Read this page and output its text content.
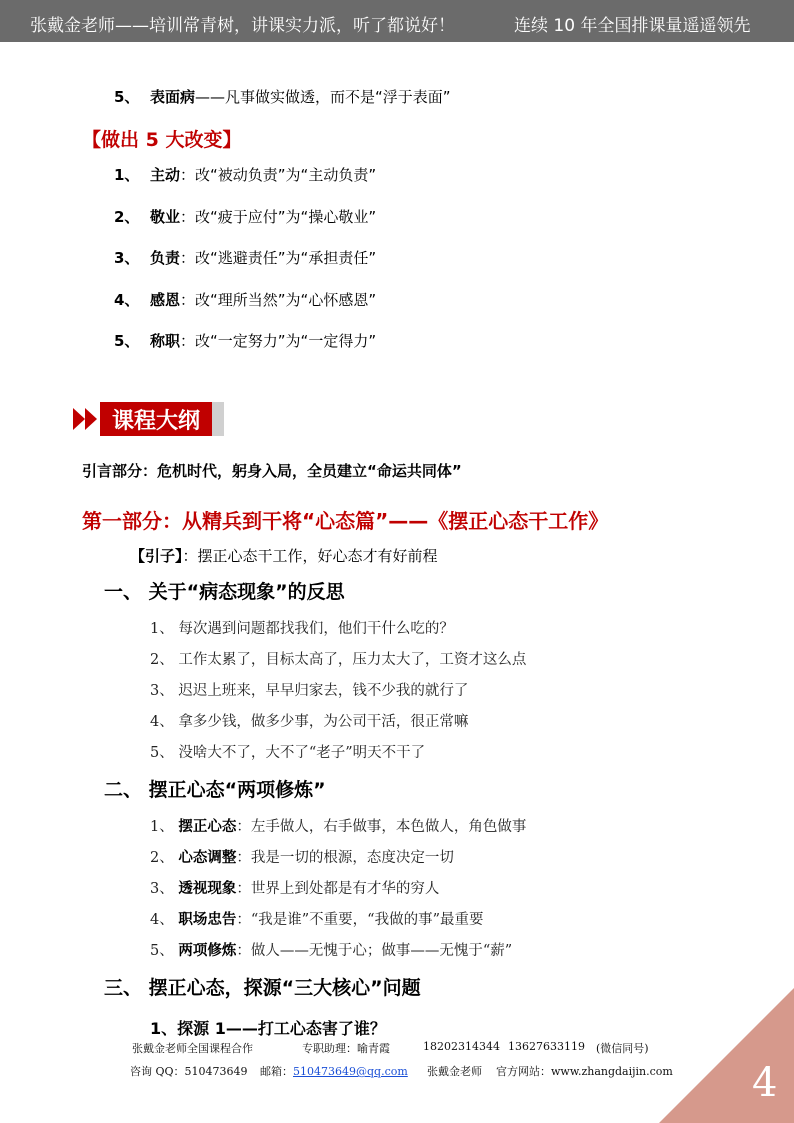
张戴金老师——培训常青树，讲课实力派，听了都说好！	连续 10 年全国排课量遥遥领先
5、 表面病——凡事做实做透，而不是“浮于表面”
【做出 5 大改变】
1、 主动：改“被动负责”为“主动负责”
2、 敬业：改“疲于应付”为“操心敬业”
3、 负责：改“逃避责任”为“承担责任”
4、 感恩：改“理所当然”为“心怀感恩”
5、 称职：改“一定努力”为“一定得力”
课程大纲
引言部分：危机时代，躬身入局，全员建立“命运共同体”
第一部分：从精兵到干将“心态篇”——《摆正心态干工作》
【引子】：摆正心态干工作，好心态才有好前程
一、 关于“病态现象”的反思
1、 每次遇到问题都找我们，他们干什么吃的？
2、 工作太累了，目标太高了，压力太大了，工资才这么点
3、 迟迟上班来，早早归家去，钱不少我的就行了
4、 拿多少钱，做多少事，为公司干活，很正常嘛
5、 没啥大不了，大不了“老子”明天不干了
二、 摆正心态“两项修炼”
1、 摆正心态：左手做人，右手做事，本色做人，角色做事
2、 心态调整：我是一切的根源，态度决定一切
3、 透视现象：世界上到处都是有才华的穷人
4、 职场忠告：“我是谁”不重要，“我做的事”最重要
5、 两项修炼：做人——无愧于心；做事——无愧于“薪”
三、 摆正心态，探源“三大核心”问题
1、探源 1——打工心态害了谁？
张戴金老师全国课程合作	专职助理：喻青霞	18202314344 13627633119 (微信同号)
咨询 QQ：510473649 邮箱：510473649@qq.com 张戴金老师 官方网站：www.zhangdaijin.com 4
